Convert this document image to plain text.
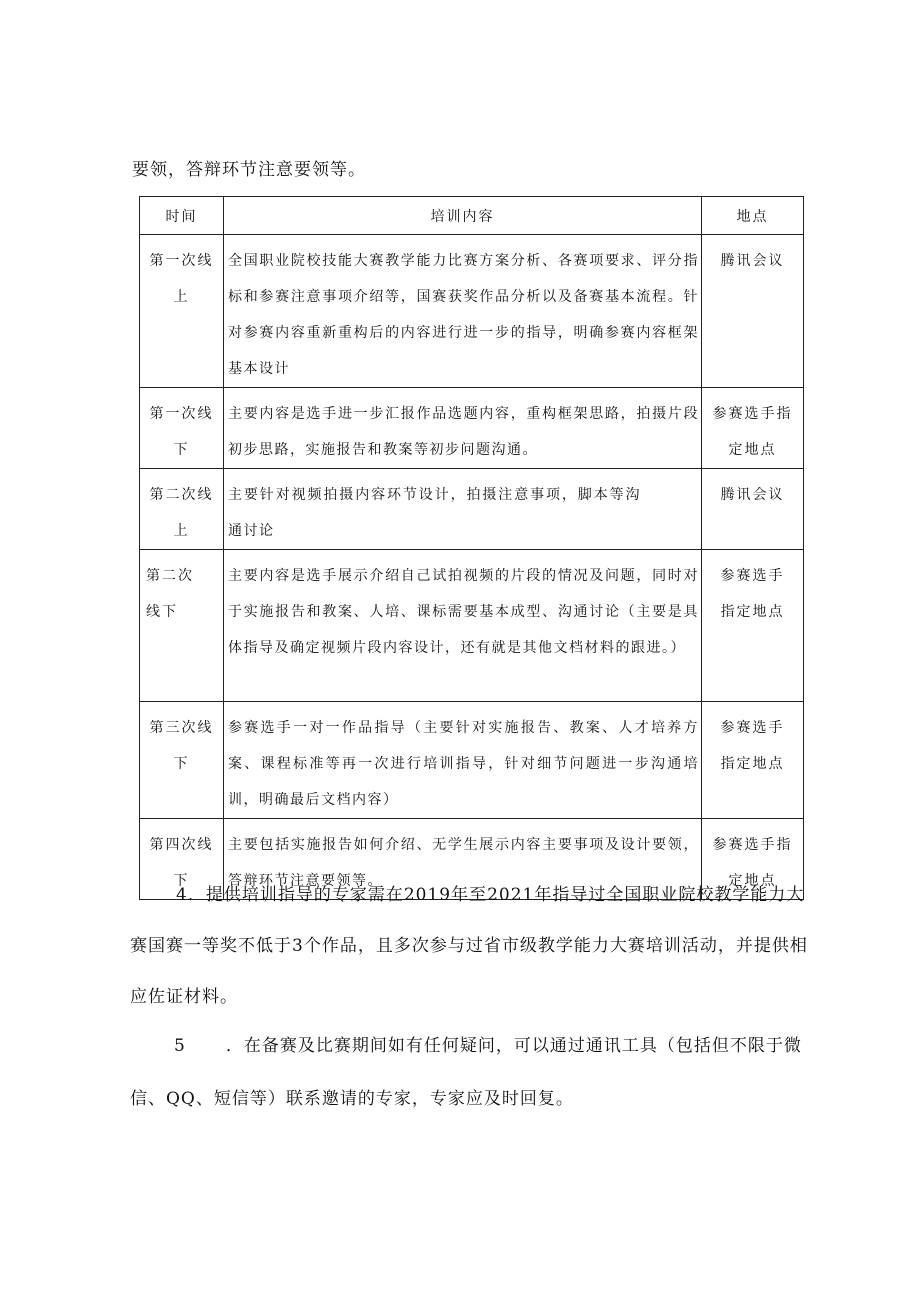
要领，答辩环节注意要领等。
时间	培训内容	地点
第一次线上	全国职业院校技能大赛教学能力比赛方案分析、各赛项要求、评分指标和参赛注意事项介绍等，国赛获奖作品分析以及备赛基本流程。针对参赛内容重新重构后的内容进行进一步的指导，明确参赛内容框架基本设计	腾讯会议
第一次线下	主要内容是选手进一步汇报作品选题内容，重构框架思路，拍摄片段初步思路，实施报告和教案等初步问题沟通。	参赛选手指定地点
第二次线上	主要针对视频拍摄内容环节设计，拍摄注意事项，脚本等沟通讨论	腾讯会议
第二次线下	主要内容是选手展示介绍自己试拍视频的片段的情况及问题，同时对于实施报告和教案、人培、课标需要基本成型、沟通讨论（主要是具体指导及确定视频片段内容设计，还有就是其他文档材料的跟进。）	参赛选手指定地点
第三次线下	参赛选手一对一作品指导（主要针对实施报告、教案、人才培养方案、课程标准等再一次进行培训指导，针对细节问题进一步沟通培训，明确最后文档内容）	参赛选手指定地点
第四次线下	主要包括实施报告如何介绍、无学生展示内容主要事项及设计要领，答辩环节注意要领等。	参赛选手指定地点
4．提供培训指导的专家需在2019年至2021年指导过全国职业院校教学能力大赛国赛一等奖不低于3个作品，且多次参与过省市级教学能力大赛培训活动，并提供相应佐证材料。
5 ．在备赛及比赛期间如有任何疑问，可以通过通讯工具（包括但不限于微信、QQ、短信等）联系邀请的专家，专家应及时回复。
